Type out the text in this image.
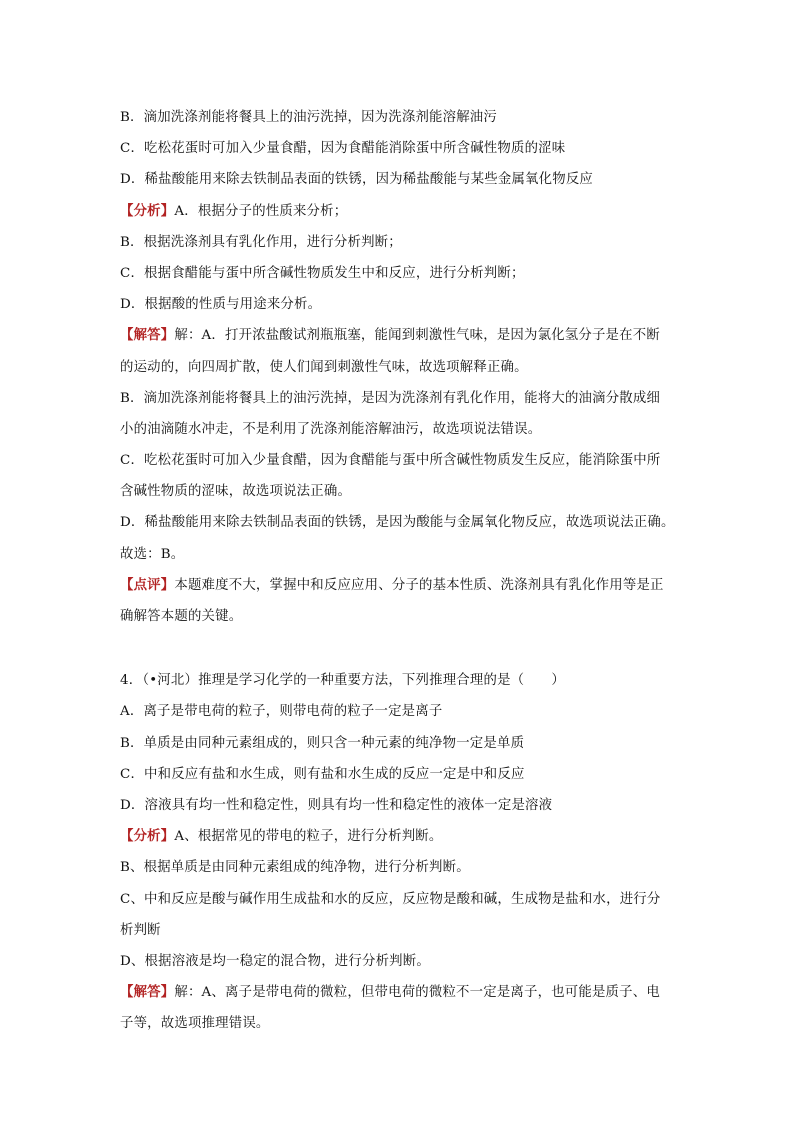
B．滴加洗涤剂能将餐具上的油污洗掉，因为洗涤剂能溶解油污
C．吃松花蛋时可加入少量食醋，因为食醋能消除蛋中所含碱性物质的涩味
D．稀盐酸能用来除去铁制品表面的铁锈，因为稀盐酸能与某些金属氧化物反应
【分析】A．根据分子的性质来分析；
B．根据洗涤剂具有乳化作用，进行分析判断；
C．根据食醋能与蛋中所含碱性物质发生中和反应，进行分析判断；
D．根据酸的性质与用途来分析。
【解答】解：A．打开浓盐酸试剂瓶瓶塞，能闻到刺激性气味，是因为氯化氢分子是在不断
的运动的，向四周扩散，使人们闻到刺激性气味，故选项解释正确。
B．滴加洗涤剂能将餐具上的油污洗掉，是因为洗涤剂有乳化作用，能将大的油滴分散成细
小的油滴随水冲走，不是利用了洗涤剂能溶解油污，故选项说法错误。
C．吃松花蛋时可加入少量食醋，因为食醋能与蛋中所含碱性物质发生反应，能消除蛋中所
含碱性物质的涩味，故选项说法正确。
D．稀盐酸能用来除去铁制品表面的铁锈，是因为酸能与金属氧化物反应，故选项说法正确。
故选：B。
【点评】本题难度不大，掌握中和反应应用、分子的基本性质、洗涤剂具有乳化作用等是正
确解答本题的关键。
4．（•河北）推理是学习化学的一种重要方法，下列推理合理的是（　　）
A．离子是带电荷的粒子，则带电荷的粒子一定是离子
B．单质是由同种元素组成的，则只含一种元素的纯净物一定是单质
C．中和反应有盐和水生成，则有盐和水生成的反应一定是中和反应
D．溶液具有均一性和稳定性，则具有均一性和稳定性的液体一定是溶液
【分析】A、根据常见的带电的粒子，进行分析判断。
B、根据单质是由同种元素组成的纯净物，进行分析判断。
C、中和反应是酸与碱作用生成盐和水的反应，反应物是酸和碱，生成物是盐和水，进行分
析判断
D、根据溶液是均一稳定的混合物，进行分析判断。
【解答】解：A、离子是带电荷的微粒，但带电荷的微粒不一定是离子，也可能是质子、电
子等，故选项推理错误。
